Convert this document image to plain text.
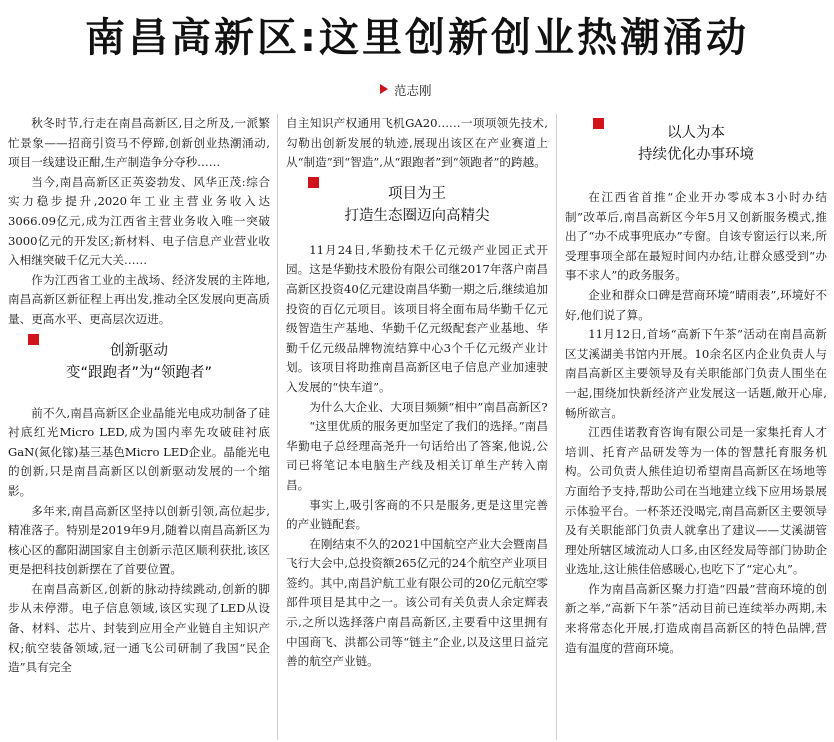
南昌高新区:这里创新创业热潮涌动
范志刚

秋冬时节,行走在南昌高新区,目之所及,一派繁忙景象——招商引资马不停蹄,创新创业热潮涌动,项目一线建设正酣,生产制造争分夺秒……

当今,南昌高新区正英姿勃发、风华正茂:综合实力稳步提升,2020年工业主营业务收入达3066.09亿元,成为江西省主营业务收入唯一突破3000亿元的开发区;新材料、电子信息产业营业收入相继突破千亿元大关……

作为江西省工业的主战场、经济发展的主阵地,南昌高新区新征程上再出发,推动全区发展向更高质量、更高水平、更高层次迈进。

创新驱动
变“跟跑者”为“领跑者”

前不久,南昌高新区企业晶能光电成功制备了硅衬底红光Micro LED,成为国内率先攻破硅衬底GaN(氮化镓)基三基色Micro LED企业。晶能光电的创新,只是南昌高新区以创新驱动发展的一个缩影。

多年来,南昌高新区坚持以创新引领,高位起步,精准落子。特别是2019年9月,随着以南昌高新区为核心区的鄱阳湖国家自主创新示范区顺利获批,该区更是把科技创新摆在了首要位置。

在南昌高新区,创新的脉动持续跳动,创新的脚步从未停滞。电子信息领域,该区实现了LED从设备、材料、芯片、封装到应用全产业链自主知识产权;航空装备领域,冠一通飞公司研制了我国“民企造”具有完全

自主知识产权通用飞机GA20……一项项领先技术,勾勒出创新发展的轨迹,展现出该区在产业赛道上从“制造”到“智造”,从“跟跑者”到“领跑者”的跨越。

项目为王
打造生态圈迈向高精尖

11月24日,华勤技术千亿元级产业园正式开园。这是华勤技术股份有限公司继2017年落户南昌高新区投资40亿元建设南昌华勤一期之后,继续追加投资的百亿元项目。该项目将全面布局华勤千亿元级智造生产基地、华勤千亿元级配套产业基地、华勤千亿元级品牌物流结算中心3个千亿元级产业计划。该项目将助推南昌高新区电子信息产业加速驶入发展的“快车道”。

为什么大企业、大项目频频“相中”南昌高新区?

“这里优质的服务更加坚定了我们的选择。”南昌华勤电子总经理高尧升一句话给出了答案,他说,公司已将笔记本电脑生产线及相关订单生产转入南昌。

事实上,吸引客商的不只是服务,更是这里完善的产业链配套。

在刚结束不久的2021中国航空产业大会暨南昌飞行大会中,总投资额265亿元的24个航空产业项目签约。其中,南昌沪航工业有限公司的20亿元航空零部件项目是其中之一。该公司有关负责人余定辉表示,之所以选择落户南昌高新区,主要看中这里拥有中国商飞、洪都公司等“链主”企业,以及这里日益完善的航空产业链。

以人为本
持续优化办事环境

在江西省首推“企业开办零成本3小时办结制”改革后,南昌高新区今年5月又创新服务模式,推出了“办不成事兜底办”专窗。自该专窗运行以来,所受理事项全部在最短时间内办结,让群众感受到“办事不求人”的政务服务。

企业和群众口碑是营商环境“晴雨表”,环境好不好,他们说了算。

11月12日,首场“高新下午茶”活动在南昌高新区艾溪湖美书馆内开展。10余名区内企业负责人与南昌高新区主要领导及有关职能部门负责人围坐在一起,围绕加快新经济产业发展这一话题,敞开心扉,畅所欲言。

江西佳诺教育咨询有限公司是一家集托育人才培训、托育产品研发等为一体的智慧托育服务机构。公司负责人熊佳迫切希望南昌高新区在场地等方面给予支持,帮助公司在当地建立线下应用场景展示体验平台。一杯茶还没喝完,南昌高新区主要领导及有关职能部门负责人就拿出了建议——艾溪湖管理处所辖区域流动人口多,由区经发局等部门协助企业选址,这让熊佳倍感暖心,也吃下了“定心丸”。

作为南昌高新区聚力打造“四最”营商环境的创新之举,“高新下午茶”活动目前已连续举办两期,未来将常态化开展,打造成南昌高新区的特色品牌,营造有温度的营商环境。
